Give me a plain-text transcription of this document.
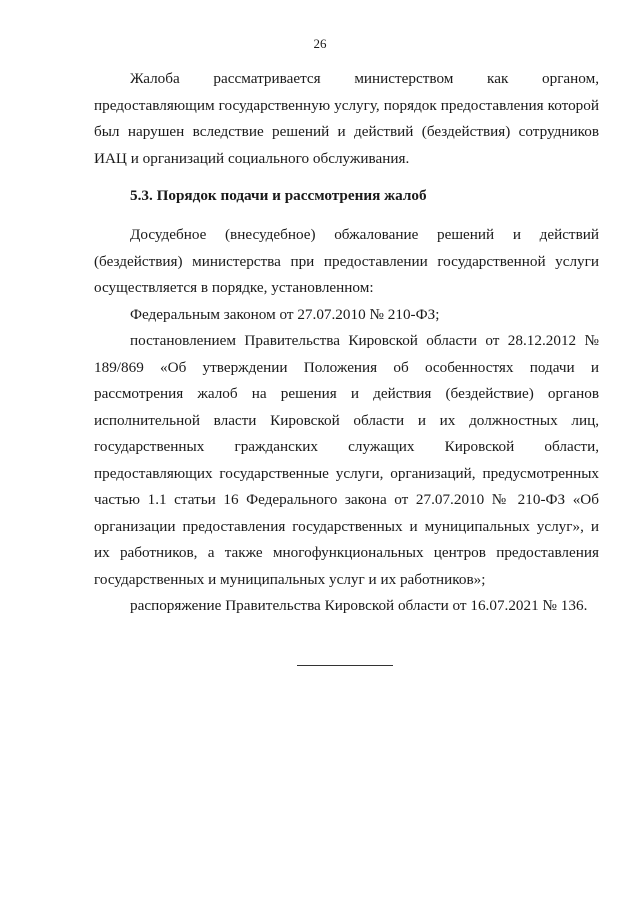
26

Жалоба рассматривается министерством как органом, предоставляющим государственную услугу, порядок предоставления которой был нарушен вследствие решений и действий (бездействия) сотрудников ИАЦ и организаций социального обслуживания.

5.3. Порядок подачи и рассмотрения жалоб

Досудебное (внесудебное) обжалование решений и действий (бездействия) министерства при предоставлении государственной услуги осуществляется в порядке, установленном:

Федеральным законом от 27.07.2010 № 210-ФЗ;

постановлением Правительства Кировской области от 28.12.2012 № 189/869 «Об утверждении Положения об особенностях подачи и рассмотрения жалоб на решения и действия (бездействие) органов исполнительной власти Кировской области и их должностных лиц, государственных гражданских служащих Кировской области, предоставляющих государственные услуги, организаций, предусмотренных частью 1.1 статьи 16 Федерального закона от 27.07.2010 № 210-ФЗ «Об организации предоставления государственных и муниципальных услуг», и их работников, а также многофункциональных центров предоставления государственных и муниципальных услуг и их работников»;

распоряжение Правительства Кировской области от 16.07.2021 № 136.
